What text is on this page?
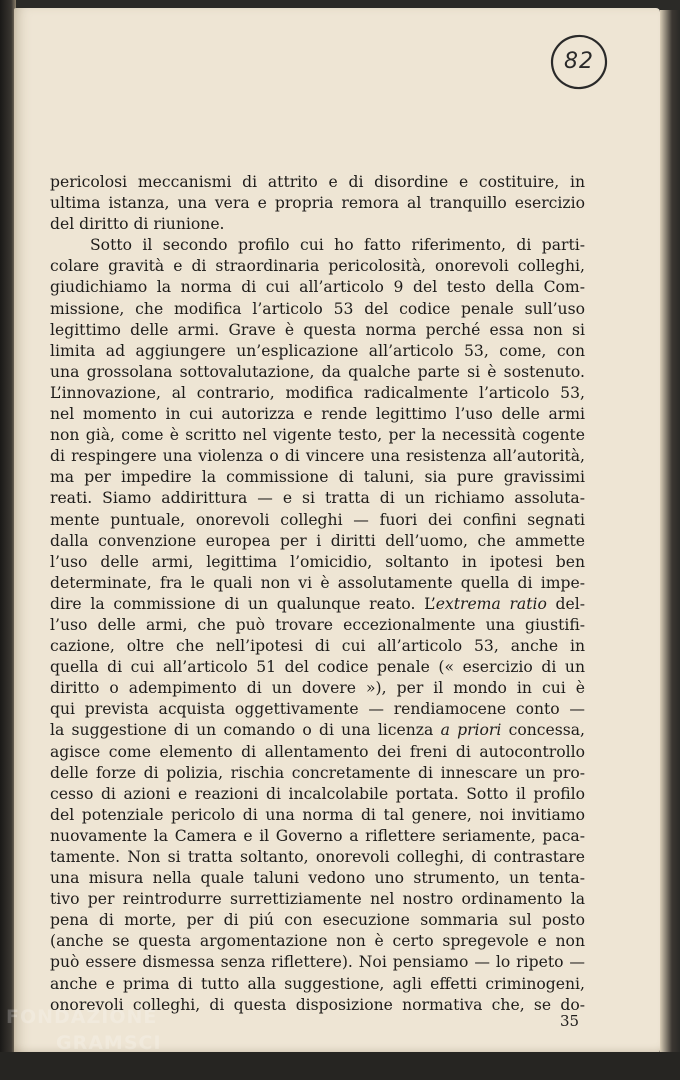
82
pericolosi meccanismi di attrito e di disordine e costituire, in
ultima istanza, una vera e propria remora al tranquillo esercizio
del diritto di riunione.
Sotto il secondo profilo cui ho fatto riferimento, di parti-
colare gravità e di straordinaria pericolosità, onorevoli colleghi,
giudichiamo la norma di cui all’articolo 9 del testo della Com-
missione, che modifica l’articolo 53 del codice penale sull’uso
legittimo delle armi. Grave è questa norma perché essa non si
limita ad aggiungere un’esplicazione all’articolo 53, come, con
una grossolana sottovalutazione, da qualche parte si è sostenuto.
L’innovazione, al contrario, modifica radicalmente l’articolo 53,
nel momento in cui autorizza e rende legittimo l’uso delle armi
non già, come è scritto nel vigente testo, per la necessità cogente
di respingere una violenza o di vincere una resistenza all’autorità,
ma per impedire la commissione di taluni, sia pure gravissimi
reati. Siamo addirittura — e si tratta di un richiamo assoluta-
mente puntuale, onorevoli colleghi — fuori dei confini segnati
dalla convenzione europea per i diritti dell’uomo, che ammette
l’uso delle armi, legittima l’omicidio, soltanto in ipotesi ben
determinate, fra le quali non vi è assolutamente quella di impe-
dire la commissione di un qualunque reato. L’extrema ratio del-
l’uso delle armi, che può trovare eccezionalmente una giustifi-
cazione, oltre che nell’ipotesi di cui all’articolo 53, anche in
quella di cui all’articolo 51 del codice penale (« esercizio di un
diritto o adempimento di un dovere »), per il mondo in cui è
qui prevista acquista oggettivamente — rendiamocene conto —
la suggestione di un comando o di una licenza a priori concessa,
agisce come elemento di allentamento dei freni di autocontrollo
delle forze di polizia, rischia concretamente di innescare un pro-
cesso di azioni e reazioni di incalcolabile portata. Sotto il profilo
del potenziale pericolo di una norma di tal genere, noi invitiamo
nuovamente la Camera e il Governo a riflettere seriamente, paca-
tamente. Non si tratta soltanto, onorevoli colleghi, di contrastare
una misura nella quale taluni vedono uno strumento, un tenta-
tivo per reintrodurre surrettiziamente nel nostro ordinamento la
pena di morte, per di piú con esecuzione sommaria sul posto
(anche se questa argomentazione non è certo spregevole e non
può essere dismessa senza riflettere). Noi pensiamo — lo ripeto —
anche e prima di tutto alla suggestione, agli effetti criminogeni,
onorevoli colleghi, di questa disposizione normativa che, se do-
35
FONDAZIONE
GRAMSCI
